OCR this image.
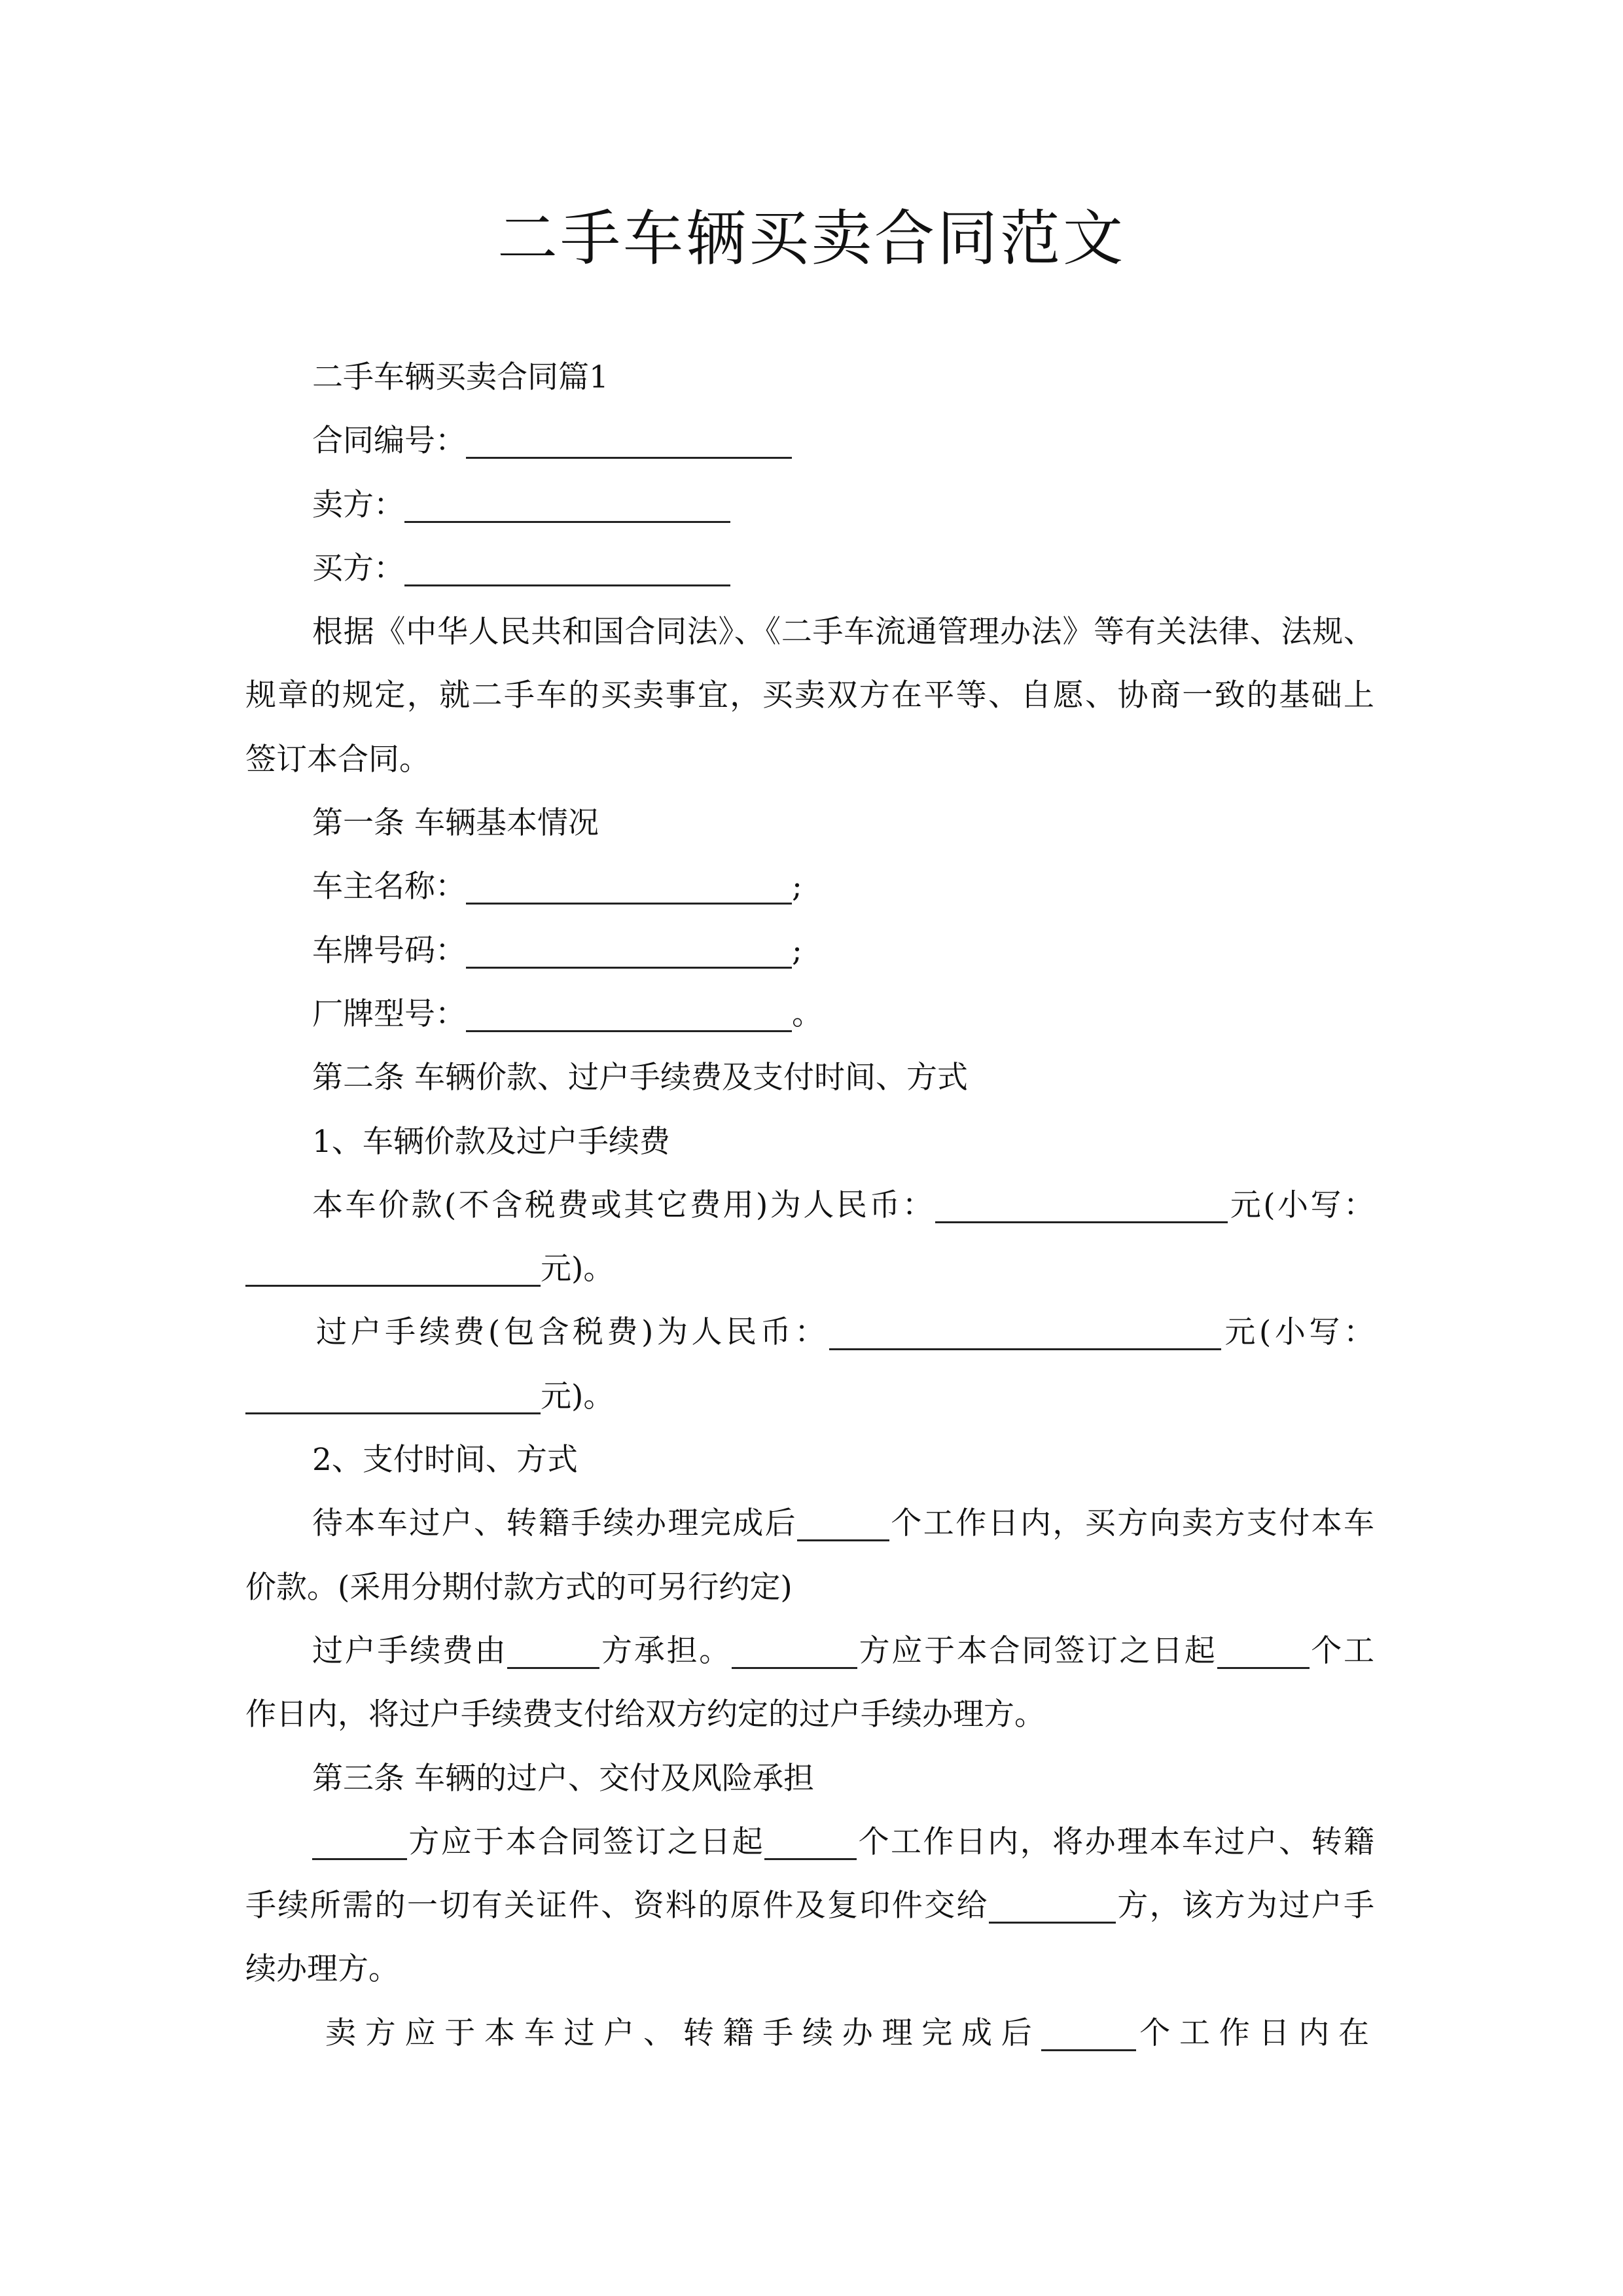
二手车辆买卖合同范文
二手车辆买卖合同篇1
合同编号：
卖方：
买方：
根据《中华人民共和国合同法》、《二手车流通管理办法》等有关法律、法规、
规章的规定，就二手车的买卖事宜，买卖双方在平等、自愿、协商一致的基础上
签订本合同。
第一条 车辆基本情况
车主名称：	;
车牌号码：	;
厂牌型号：	。
第二条 车辆价款、过户手续费及支付时间、方式
1、车辆价款及过户手续费
本车价款(不含税费或其它费用)为人民币：	元(小写：
元)。
过户手续费(包含税费)为人民币：	元(小写：
元)。
2、支付时间、方式
待本车过户、转籍手续办理完成后	个工作日内，买方向卖方支付本车
价款。(采用分期付款方式的可另行约定)
过户手续费由	方承担。	方应于本合同签订之日起	个工
作日内，将过户手续费支付给双方约定的过户手续办理方。
第三条 车辆的过户、交付及风险承担
方应于本合同签订之日起	个工作日内，将办理本车过户、转籍
手续所需的一切有关证件、资料的原件及复印件交给	方，该方为过户手
续办理方。
卖方应于本车过户、转籍手续办理完成后	个工作日内在
